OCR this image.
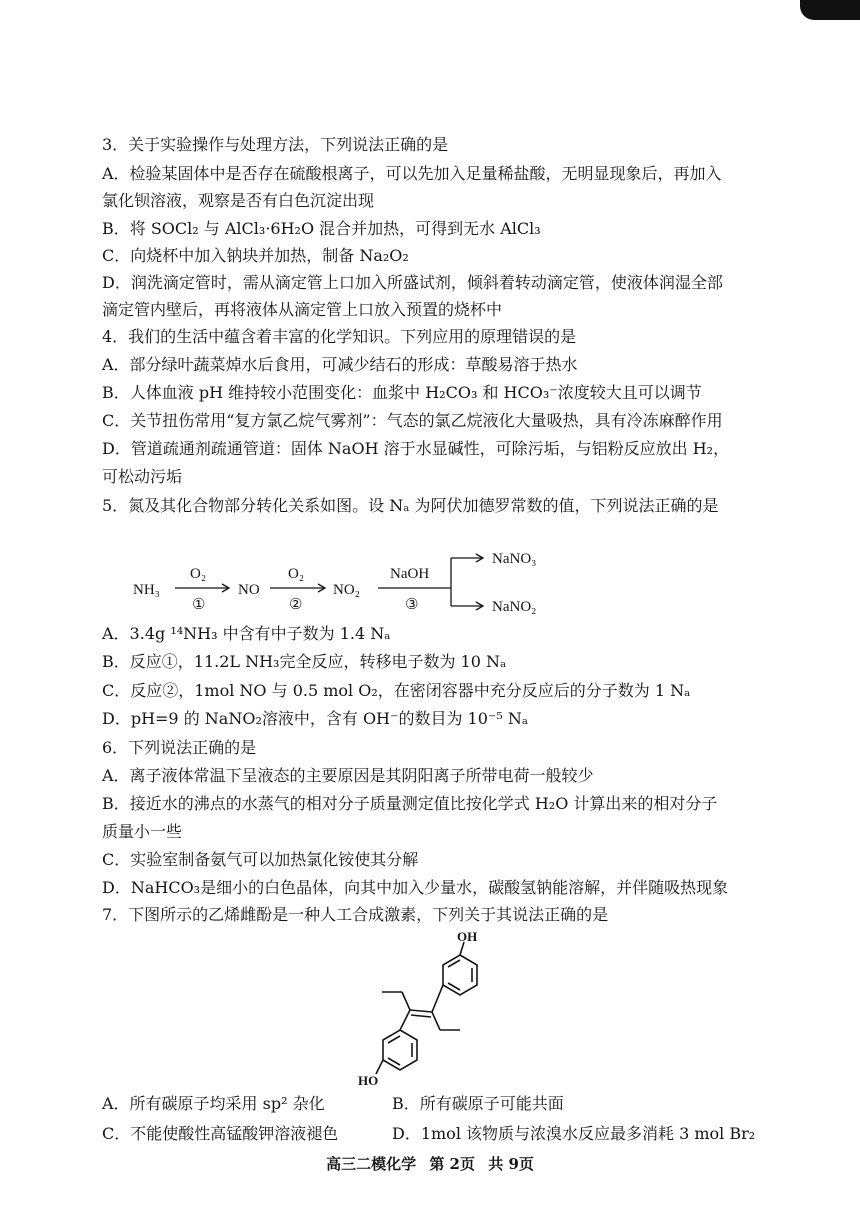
3．关于实验操作与处理方法，下列说法正确的是
A．检验某固体中是否存在硫酸根离子，可以先加入足量稀盐酸，无明显现象后，再加入
氯化钡溶液，观察是否有白色沉淀出现
B．将 SOCl₂ 与 AlCl₃·6H₂O 混合并加热，可得到无水 AlCl₃
C．向烧杯中加入钠块并加热，制备 Na₂O₂
D．润洗滴定管时，需从滴定管上口加入所盛试剂，倾斜着转动滴定管，使液体润湿全部
滴定管内壁后，再将液体从滴定管上口放入预置的烧杯中
4．我们的生活中蕴含着丰富的化学知识。下列应用的原理错误的是
A．部分绿叶蔬菜焯水后食用，可减少结石的形成：草酸易溶于热水
B．人体血液 pH 维持较小范围变化：血浆中 H₂CO₃ 和 HCO₃⁻浓度较大且可以调节
C．关节扭伤常用“复方氯乙烷气雾剂”：气态的氯乙烷液化大量吸热，具有冷冻麻醉作用
D．管道疏通剂疏通管道：固体 NaOH 溶于水显碱性，可除污垢，与铝粉反应放出 H₂，
可松动污垢
5．氮及其化合物部分转化关系如图。设 Nₐ 为阿伏加德罗常数的值，下列说法正确的是
NH₃
O₂
①
NO
O₂
②
NO₂
NaOH
③
NaNO₃
NaNO₂
A．3.4g ¹⁴NH₃ 中含有中子数为 1.4 Nₐ
B．反应①，11.2L NH₃完全反应，转移电子数为 10 Nₐ
C．反应②，1mol NO 与 0.5 mol O₂，在密闭容器中充分反应后的分子数为 1 Nₐ
D．pH=9 的 NaNO₂溶液中，含有 OH⁻的数目为 10⁻⁵ Nₐ
6．下列说法正确的是
A．离子液体常温下呈液态的主要原因是其阴阳离子所带电荷一般较少
B．接近水的沸点的水蒸气的相对分子质量测定值比按化学式 H₂O 计算出来的相对分子
质量小一些
C．实验室制备氨气可以加热氯化铵使其分解
D．NaHCO₃是细小的白色晶体，向其中加入少量水，碳酸氢钠能溶解，并伴随吸热现象
7．下图所示的乙烯雌酚是一种人工合成激素，下列关于其说法正确的是
OH
HO
A．所有碳原子均采用 sp² 杂化	B．所有碳原子可能共面
C．不能使酸性高锰酸钾溶液褪色	D．1mol 该物质与浓溴水反应最多消耗 3 mol Br₂
高三二模化学 第 2页 共 9页
